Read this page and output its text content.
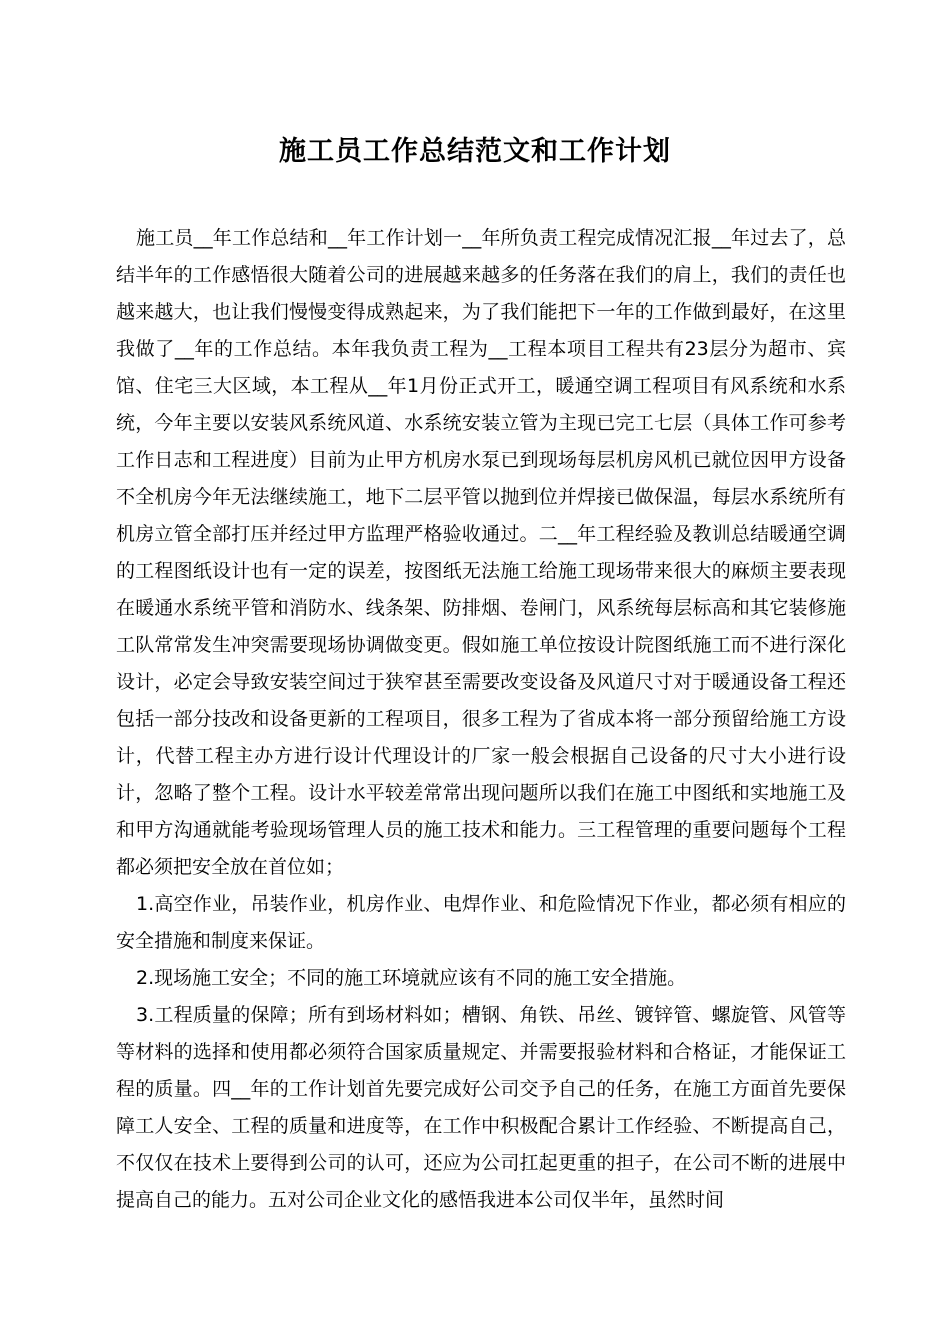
施工员工作总结范文和工作计划

施工员__年工作总结和__年工作计划一__年所负责工程完成情况汇报__年过去了，总结半年的工作感悟很大随着公司的进展越来越多的任务落在我们的肩上，我们的责任也越来越大，也让我们慢慢变得成熟起来，为了我们能把下一年的工作做到最好，在这里我做了__年的工作总结。本年我负责工程为__工程本项目工程共有23层分为超市、宾馆、住宅三大区域，本工程从__年1月份正式开工，暖通空调工程项目有风系统和水系统，今年主要以安装风系统风道、水系统安装立管为主现已完工七层（具体工作可参考工作日志和工程进度）目前为止甲方机房水泵已到现场每层机房风机已就位因甲方设备不全机房今年无法继续施工，地下二层平管以抛到位并焊接已做保温，每层水系统所有机房立管全部打压并经过甲方监理严格验收通过。二__年工程经验及教训总结暖通空调的工程图纸设计也有一定的误差，按图纸无法施工给施工现场带来很大的麻烦主要表现在暖通水系统平管和消防水、线条架、防排烟、卷闸门，风系统每层标高和其它装修施工队常常发生冲突需要现场协调做变更。假如施工单位按设计院图纸施工而不进行深化设计，必定会导致安装空间过于狭窄甚至需要改变设备及风道尺寸对于暖通设备工程还包括一部分技改和设备更新的工程项目，很多工程为了省成本将一部分预留给施工方设计，代替工程主办方进行设计代理设计的厂家一般会根据自己设备的尺寸大小进行设计，忽略了整个工程。设计水平较差常常出现问题所以我们在施工中图纸和实地施工及和甲方沟通就能考验现场管理人员的施工技术和能力。三工程管理的重要问题每个工程都必须把安全放在首位如；

1.高空作业，吊装作业，机房作业、电焊作业、和危险情况下作业，都必须有相应的安全措施和制度来保证。

2.现场施工安全；不同的施工环境就应该有不同的施工安全措施。

3.工程质量的保障；所有到场材料如；槽钢、角铁、吊丝、镀锌管、螺旋管、风管等等材料的选择和使用都必须符合国家质量规定、并需要报验材料和合格证，才能保证工程的质量。四__年的工作计划首先要完成好公司交予自己的任务，在施工方面首先要保障工人安全、工程的质量和进度等，在工作中积极配合累计工作经验、不断提高自己，不仅仅在技术上要得到公司的认可，还应为公司扛起更重的担子，在公司不断的进展中提高自己的能力。五对公司企业文化的感悟我进本公司仅半年，虽然时间
